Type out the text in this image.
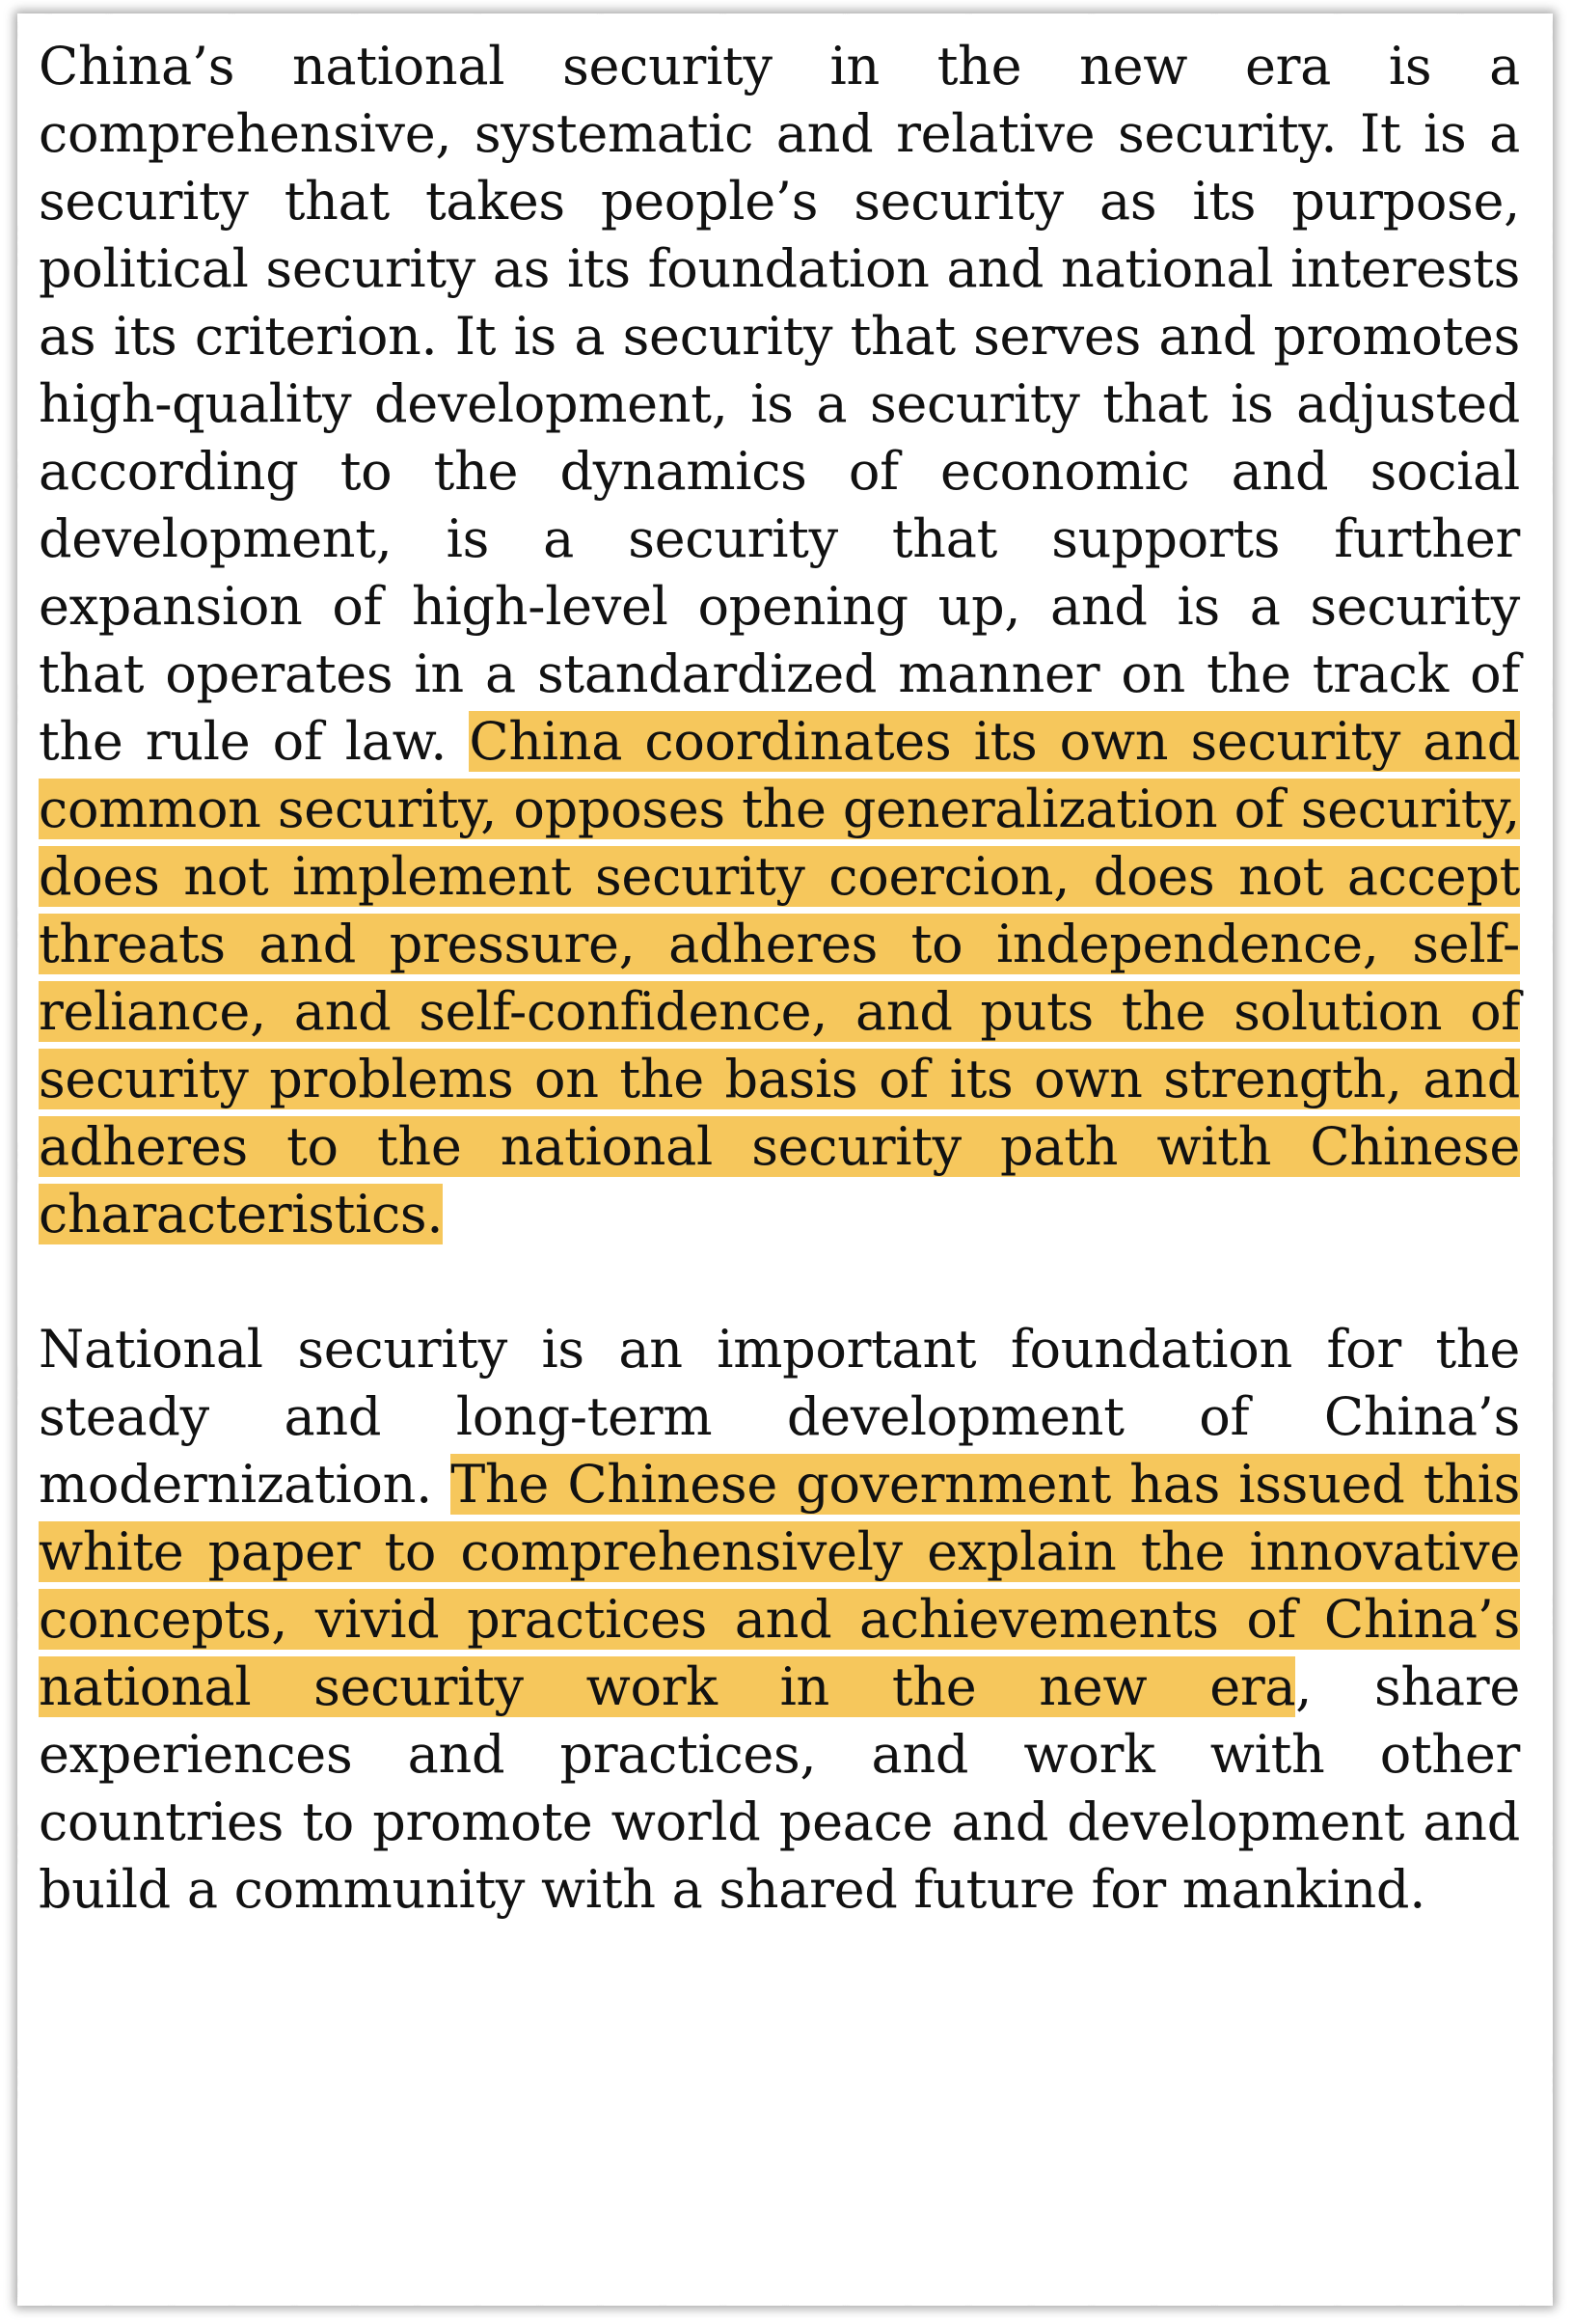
China’s national security in the new era is a comprehensive, systematic and relative security. It is a security that takes people’s security as its purpose, political security as its foundation and national interests as its criterion. It is a security that serves and promotes high-quality development, is a security that is adjusted according to the dynamics of economic and social development, is a security that supports further expansion of high-level opening up, and is a security that operates in a standardized manner on the track of the rule of law. China coordinates its own security and common security, opposes the generalization of security, does not implement security coercion, does not accept threats and pressure, adheres to independence, self-reliance, and self-confidence, and puts the solution of security problems on the basis of its own strength, and adheres to the national security path with Chinese characteristics.

National security is an important foundation for the steady and long-term development of China’s modernization. The Chinese government has issued this white paper to comprehensively explain the innovative concepts, vivid practices and achievements of China’s national security work in the new era, share experiences and practices, and work with other countries to promote world peace and development and build a community with a shared future for mankind.
